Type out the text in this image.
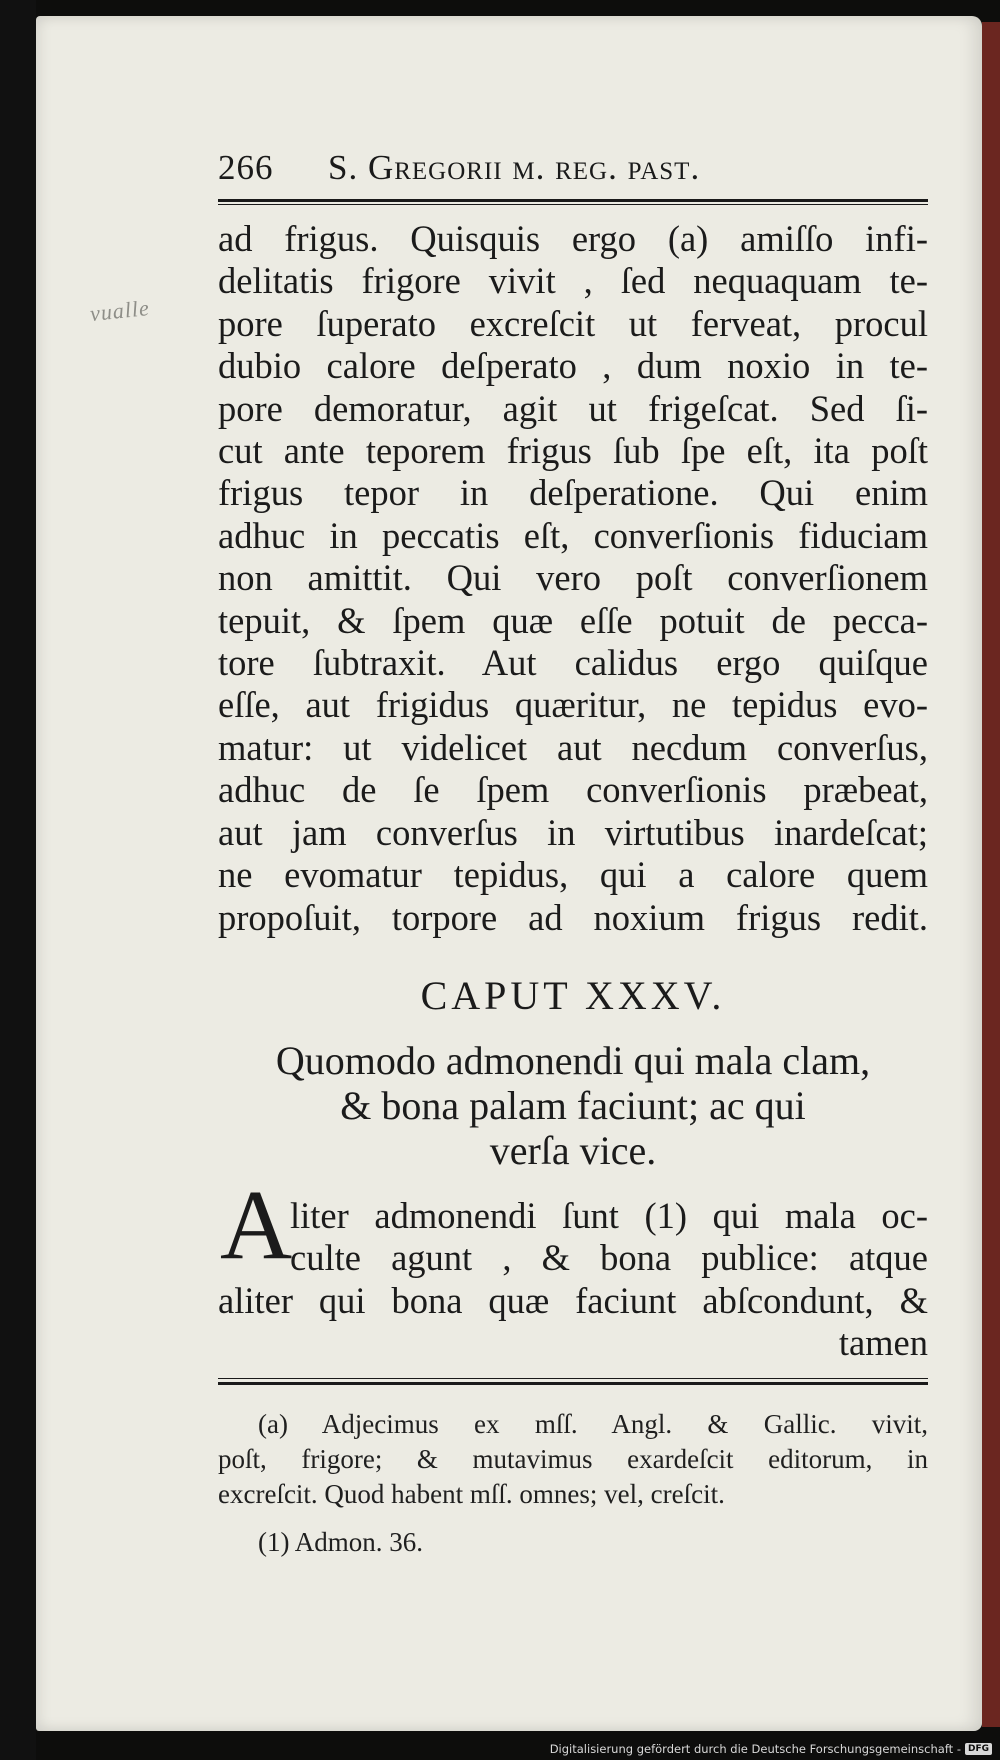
vualle
266 S. Gregorii m. reg. past.
ad frigus. Quisquis ergo (a) amiſſo infi-
delitatis frigore vivit , ſed nequaquam te-
pore ſuperato excreſcit ut ferveat, procul
dubio calore deſperato , dum noxio in te-
pore demoratur, agit ut frigeſcat. Sed ſi-
cut ante teporem frigus ſub ſpe eſt, ita poſt
frigus tepor in deſperatione. Qui enim
adhuc in peccatis eſt, converſionis fiduciam
non amittit. Qui vero poſt converſionem
tepuit, & ſpem quæ eſſe potuit de pecca-
tore ſubtraxit. Aut calidus ergo quiſque
eſſe, aut frigidus quæritur, ne tepidus evo-
matur: ut videlicet aut necdum converſus,
adhuc de ſe ſpem converſionis præbeat,
aut jam converſus in virtutibus inardeſcat;
ne evomatur tepidus, qui a calore quem
propoſuit, torpore ad noxium frigus redit.
CAPUT XXXV.
Quomodo admonendi qui mala clam,
& bona palam faciunt; ac qui
verſa vice.
A
liter admonendi ſunt (1) qui mala oc-
culte agunt , & bona publice: atque
aliter qui bona quæ faciunt abſcondunt, &
tamen
(a) Adjecimus ex mſſ. Angl. & Gallic. vivit,
poſt, frigore; & mutavimus exardeſcit editorum, in
excreſcit. Quod habent mſſ. omnes; vel, creſcit.
(1) Admon. 36.
Digitalisierung gefördert durch die Deutsche Forschungsgemeinschaft - DFG
